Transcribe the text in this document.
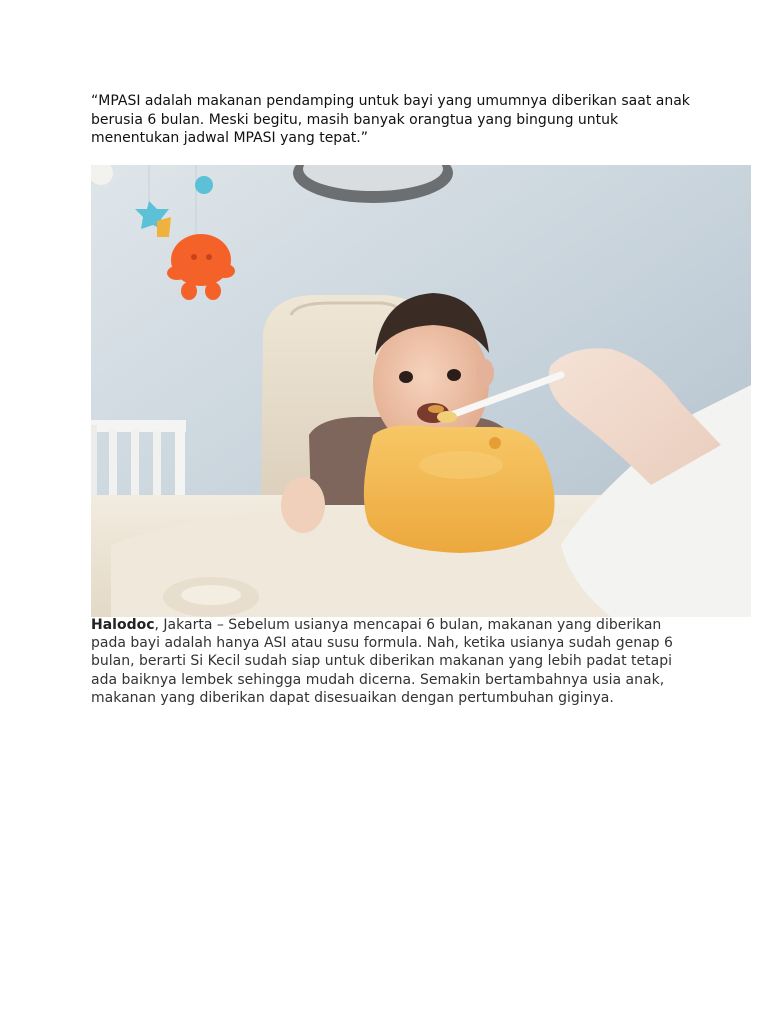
“MPASI adalah makanan pendamping untuk bayi yang umumnya diberikan saat anak berusia 6 bulan. Meski begitu, masih banyak orangtua yang bingung untuk menentukan jadwal MPASI yang tepat.”

Halodoc, Jakarta – Sebelum usianya mencapai 6 bulan, makanan yang diberikan pada bayi adalah hanya ASI atau susu formula. Nah, ketika usianya sudah genap 6 bulan, berarti Si Kecil sudah siap untuk diberikan makanan yang lebih padat tetapi ada baiknya lembek sehingga mudah dicerna. Semakin bertambahnya usia anak, makanan yang diberikan dapat disesuaikan dengan pertumbuhan giginya.
